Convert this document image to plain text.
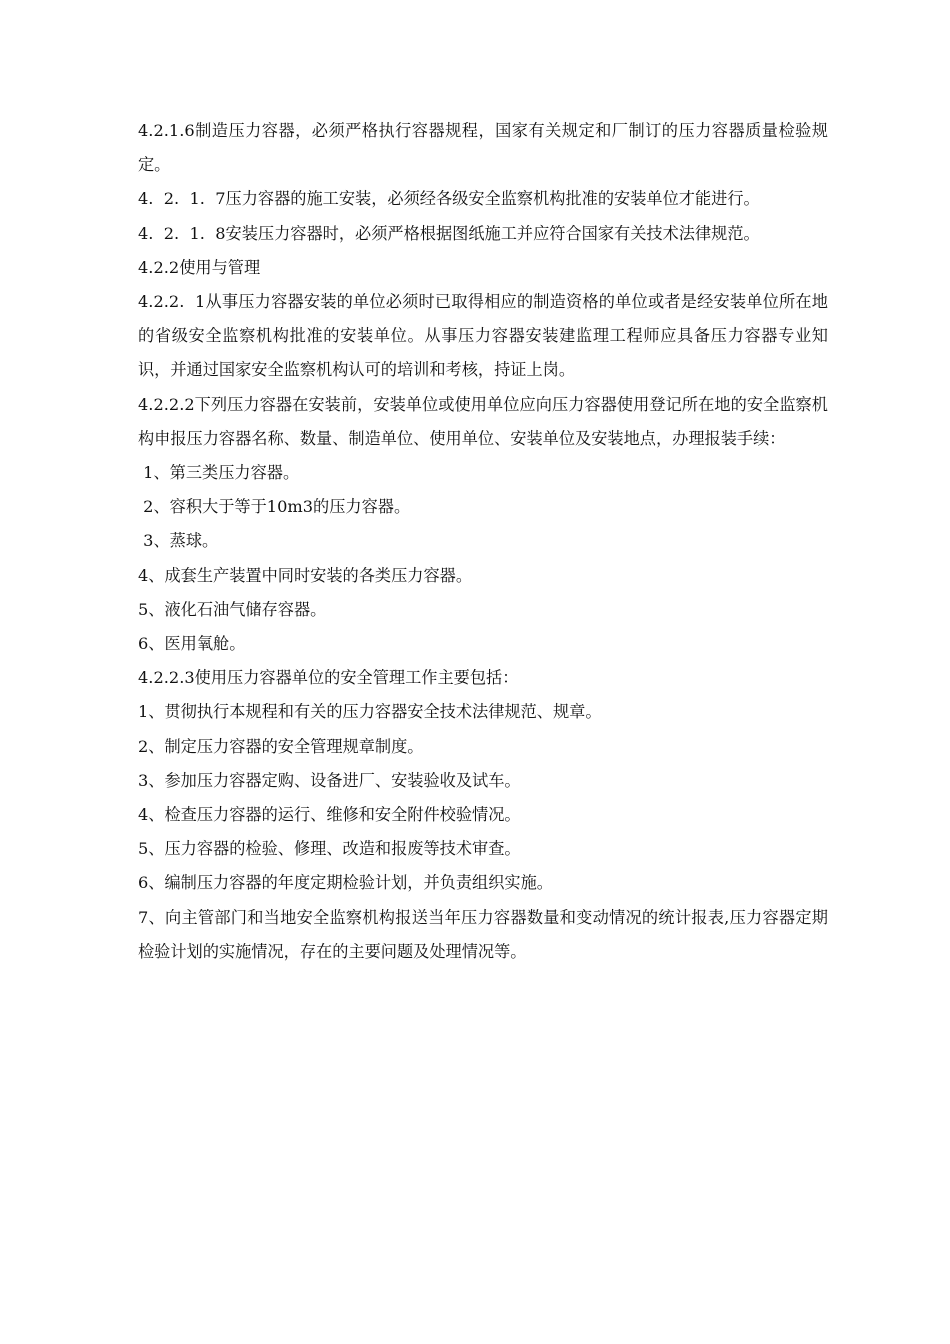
4.2.1.6制造压力容器，必须严格执行容器规程，国家有关规定和厂制订的压力容器质量检验规定。

4.  2.  1.  7压力容器的施工安装，必须经各级安全监察机构批准的安装单位才能进行。

4.  2.  1.  8安装压力容器时，必须严格根据图纸施工并应符合国家有关技术法律规范。

4.2.2使用与管理

4.2.2.  1从事压力容器安装的单位必须时已取得相应的制造资格的单位或者是经安装单位所在地的省级安全监察机构批准的安装单位。从事压力容器安装建监理工程师应具备压力容器专业知识，并通过国家安全监察机构认可的培训和考核，持证上岗。

4.2.2.2下列压力容器在安装前，安装单位或使用单位应向压力容器使用登记所在地的安全监察机构申报压力容器名称、数量、制造单位、使用单位、安装单位及安装地点，办理报装手续：

1、第三类压力容器。

2、容积大于等于10m3的压力容器。

3、蒸球。

4、成套生产装置中同时安装的各类压力容器。

5、液化石油气储存容器。

6、医用氧舱。

4.2.2.3使用压力容器单位的安全管理工作主要包括：

1、贯彻执行本规程和有关的压力容器安全技术法律规范、规章。

2、制定压力容器的安全管理规章制度。

3、参加压力容器定购、设备进厂、安装验收及试车。

4、检查压力容器的运行、维修和安全附件校验情况。

5、压力容器的检验、修理、改造和报废等技术审查。

6、编制压力容器的年度定期检验计划，并负责组织实施。

7、向主管部门和当地安全监察机构报送当年压力容器数量和变动情况的统计报表,压力容器定期检验计划的实施情况，存在的主要问题及处理情况等。
